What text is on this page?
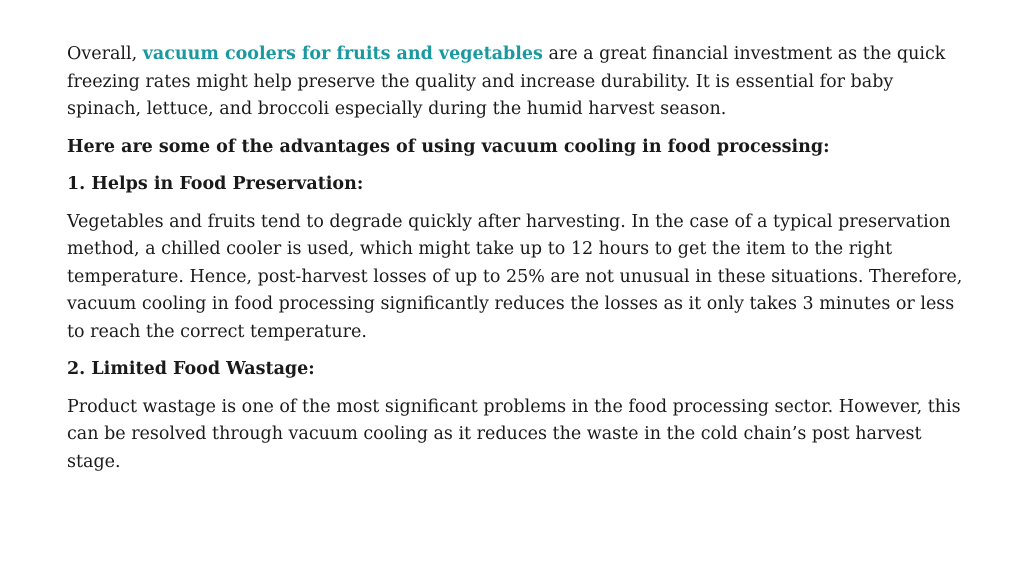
Overall, vacuum coolers for fruits and vegetables are a great financial investment as the quick freezing rates might help preserve the quality and increase durability. It is essential for baby spinach, lettuce, and broccoli especially during the humid harvest season.

Here are some of the advantages of using vacuum cooling in food processing:

1. Helps in Food Preservation:

Vegetables and fruits tend to degrade quickly after harvesting. In the case of a typical preservation method, a chilled cooler is used, which might take up to 12 hours to get the item to the right temperature. Hence, post-harvest losses of up to 25% are not unusual in these situations. Therefore, vacuum cooling in food processing significantly reduces the losses as it only takes 3 minutes or less to reach the correct temperature.

2. Limited Food Wastage:

Product wastage is one of the most significant problems in the food processing sector. However, this can be resolved through vacuum cooling as it reduces the waste in the cold chain’s post harvest stage.
